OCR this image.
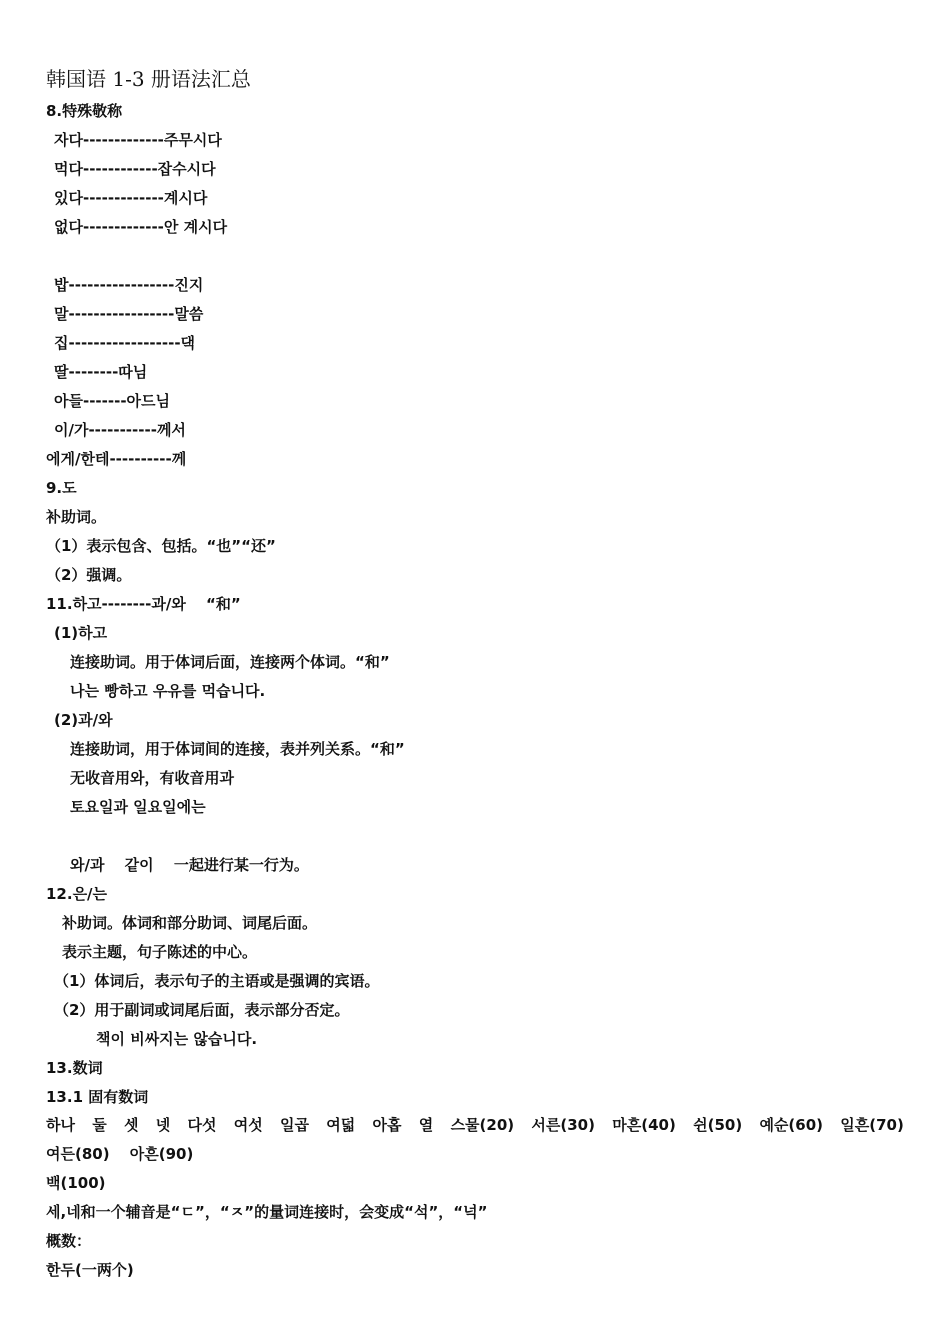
韩国语 1-3 册语法汇总
8.特殊敬称
자다-------------주무시다
먹다------------잡수시다
있다-------------계시다
없다-------------안 계시다
밥-----------------진지
말-----------------말씀
집------------------댁
딸--------따님
아들-------아드님
이/가-----------께서
에게/한테----------께
9.도
补助词。
（1）表示包含、包括。“也”“还”
（2）强调。
11.하고--------과/와　 “和”
(1)하고
连接助词。用于体词后面，连接两个体词。“和”
나는 빵하고 우유를 먹습니다.
(2)과/와
连接助词，用于体词间的连接，表并列关系。“和”
无收音用와，有收音用과
토요일과 일요일에는
와/과　 같이　 一起进行某一行为。
12.은/는
补助词。体词和部分助词、词尾后面。
表示主题，句子陈述的中心。
（1）体词后，表示句子的主语或是强调的宾语。
（2）用于副词或词尾后面，表示部分否定。
책이 비싸지는 않습니다.
13.数词
13.1 固有数词
하나 둘 셋 넷 다섯 여섯 일곱 여덟 아홉 열 스물(20) 서른(30) 마흔(40) 쉰(50) 예순(60) 일흔(70)
여든(80)　 아흔(90)
백(100)
세,네和一个辅音是“ㄷ”，“ㅈ”的量词连接时，会变成“석”，“넉”
概数：
한두(一两个)
